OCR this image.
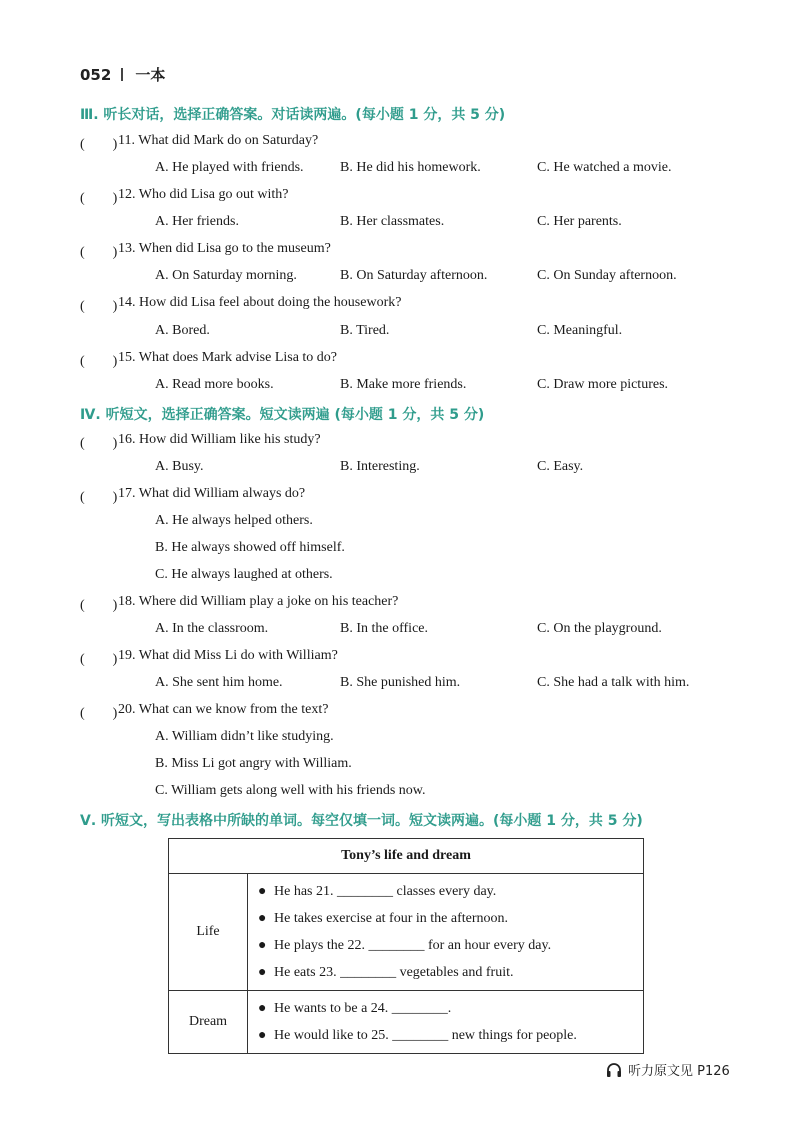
052 一本
Ⅲ. 听长对话，选择正确答案。对话读两遍。(每小题 1 分，共 5 分)
(　　) 11. What did Mark do on Saturday?
A. He played with friends.	B. He did his homework.	C. He watched a movie.
(　　) 12. Who did Lisa go out with?
A. Her friends.	B. Her classmates.	C. Her parents.
(　　) 13. When did Lisa go to the museum?
A. On Saturday morning.	B. On Saturday afternoon.	C. On Sunday afternoon.
(　　) 14. How did Lisa feel about doing the housework?
A. Bored.	B. Tired.	C. Meaningful.
(　　) 15. What does Mark advise Lisa to do?
A. Read more books.	B. Make more friends.	C. Draw more pictures.
Ⅳ. 听短文，选择正确答案。短文读两遍 (每小题 1 分，共 5 分)
(　　) 16. How did William like his study?
A. Busy.	B. Interesting.	C. Easy.
(　　) 17. What did William always do?
A. He always helped others.
B. He always showed off himself.
C. He always laughed at others.
(　　) 18. Where did William play a joke on his teacher?
A. In the classroom.	B. In the office.	C. On the playground.
(　　) 19. What did Miss Li do with William?
A. She sent him home.	B. She punished him.	C. She had a talk with him.
(　　) 20. What can we know from the text?
A. William didn’t like studying.
B. Miss Li got angry with William.
C. William gets along well with his friends now.
Ⅴ. 听短文，写出表格中所缺的单词。每空仅填一词。短文读两遍。(每小题 1 分，共 5 分)
Tony’s life and dream	
Life	● He has 21. ________ classes every day.
● He takes exercise at four in the afternoon.
● He plays the 22. ________ for an hour every day.
● He eats 23. ________ vegetables and fruit.

Dream	● He wants to be a 24. ________.
● He would like to 25. ________ new things for people.
听力原文见 P126
